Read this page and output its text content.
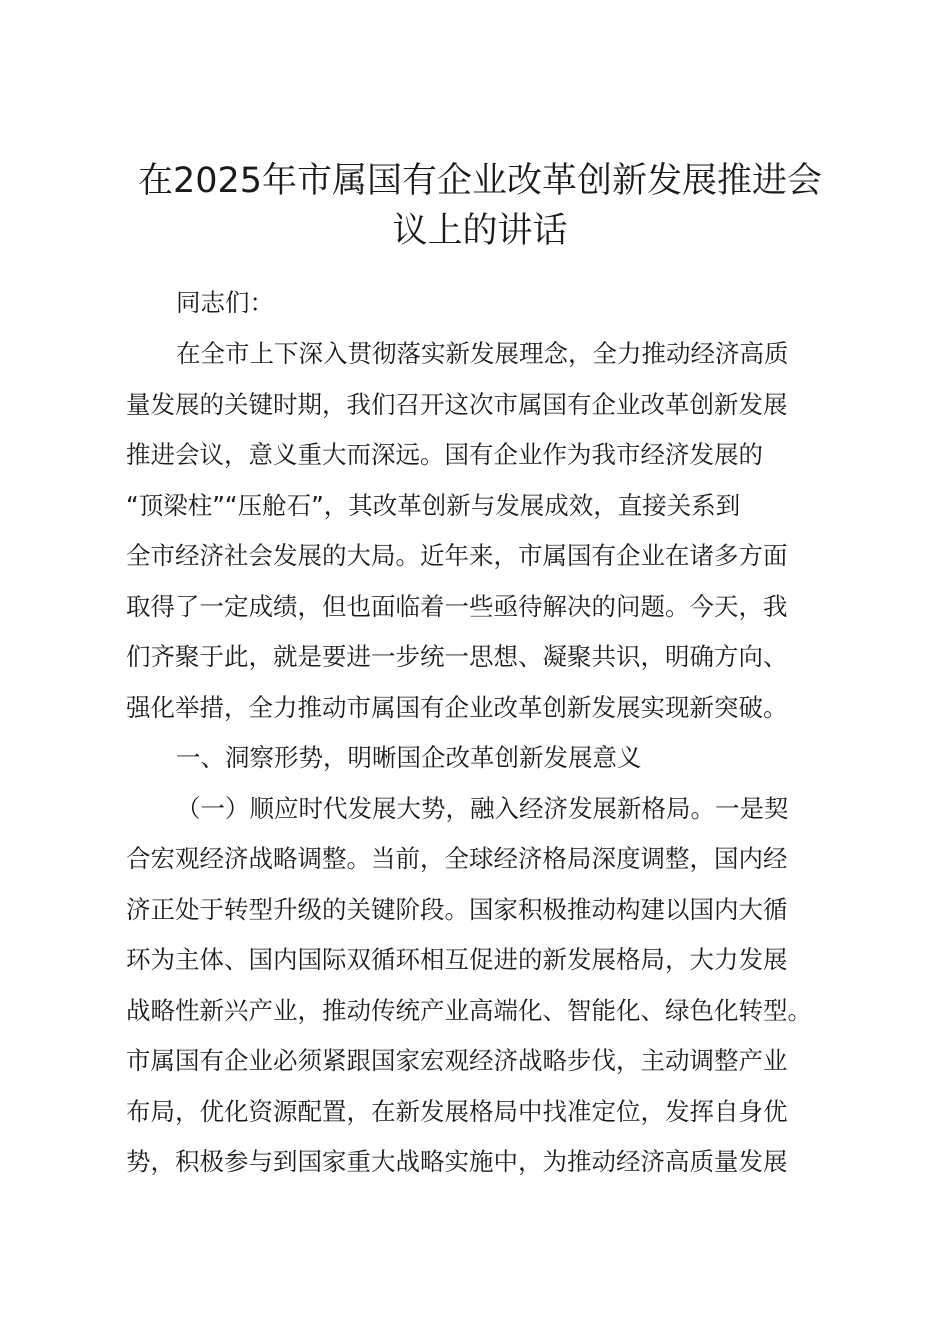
在2025年市属国有企业改革创新发展推进会
议上的讲话
同志们：
在全市上下深入贯彻落实新发展理念，全力推动经济高质
量发展的关键时期，我们召开这次市属国有企业改革创新发展
推进会议，意义重大而深远。国有企业作为我市经济发展的
“顶梁柱”“压舱石”，其改革创新与发展成效，直接关系到
全市经济社会发展的大局。近年来，市属国有企业在诸多方面
取得了一定成绩，但也面临着一些亟待解决的问题。今天，我
们齐聚于此，就是要进一步统一思想、凝聚共识，明确方向、
强化举措，全力推动市属国有企业改革创新发展实现新突破。
一、洞察形势，明晰国企改革创新发展意义
（一）顺应时代发展大势，融入经济发展新格局。一是契
合宏观经济战略调整。当前，全球经济格局深度调整，国内经
济正处于转型升级的关键阶段。国家积极推动构建以国内大循
环为主体、国内国际双循环相互促进的新发展格局，大力发展
战略性新兴产业，推动传统产业高端化、智能化、绿色化转型。
市属国有企业必须紧跟国家宏观经济战略步伐，主动调整产业
布局，优化资源配置，在新发展格局中找准定位，发挥自身优
势，积极参与到国家重大战略实施中，为推动经济高质量发展
